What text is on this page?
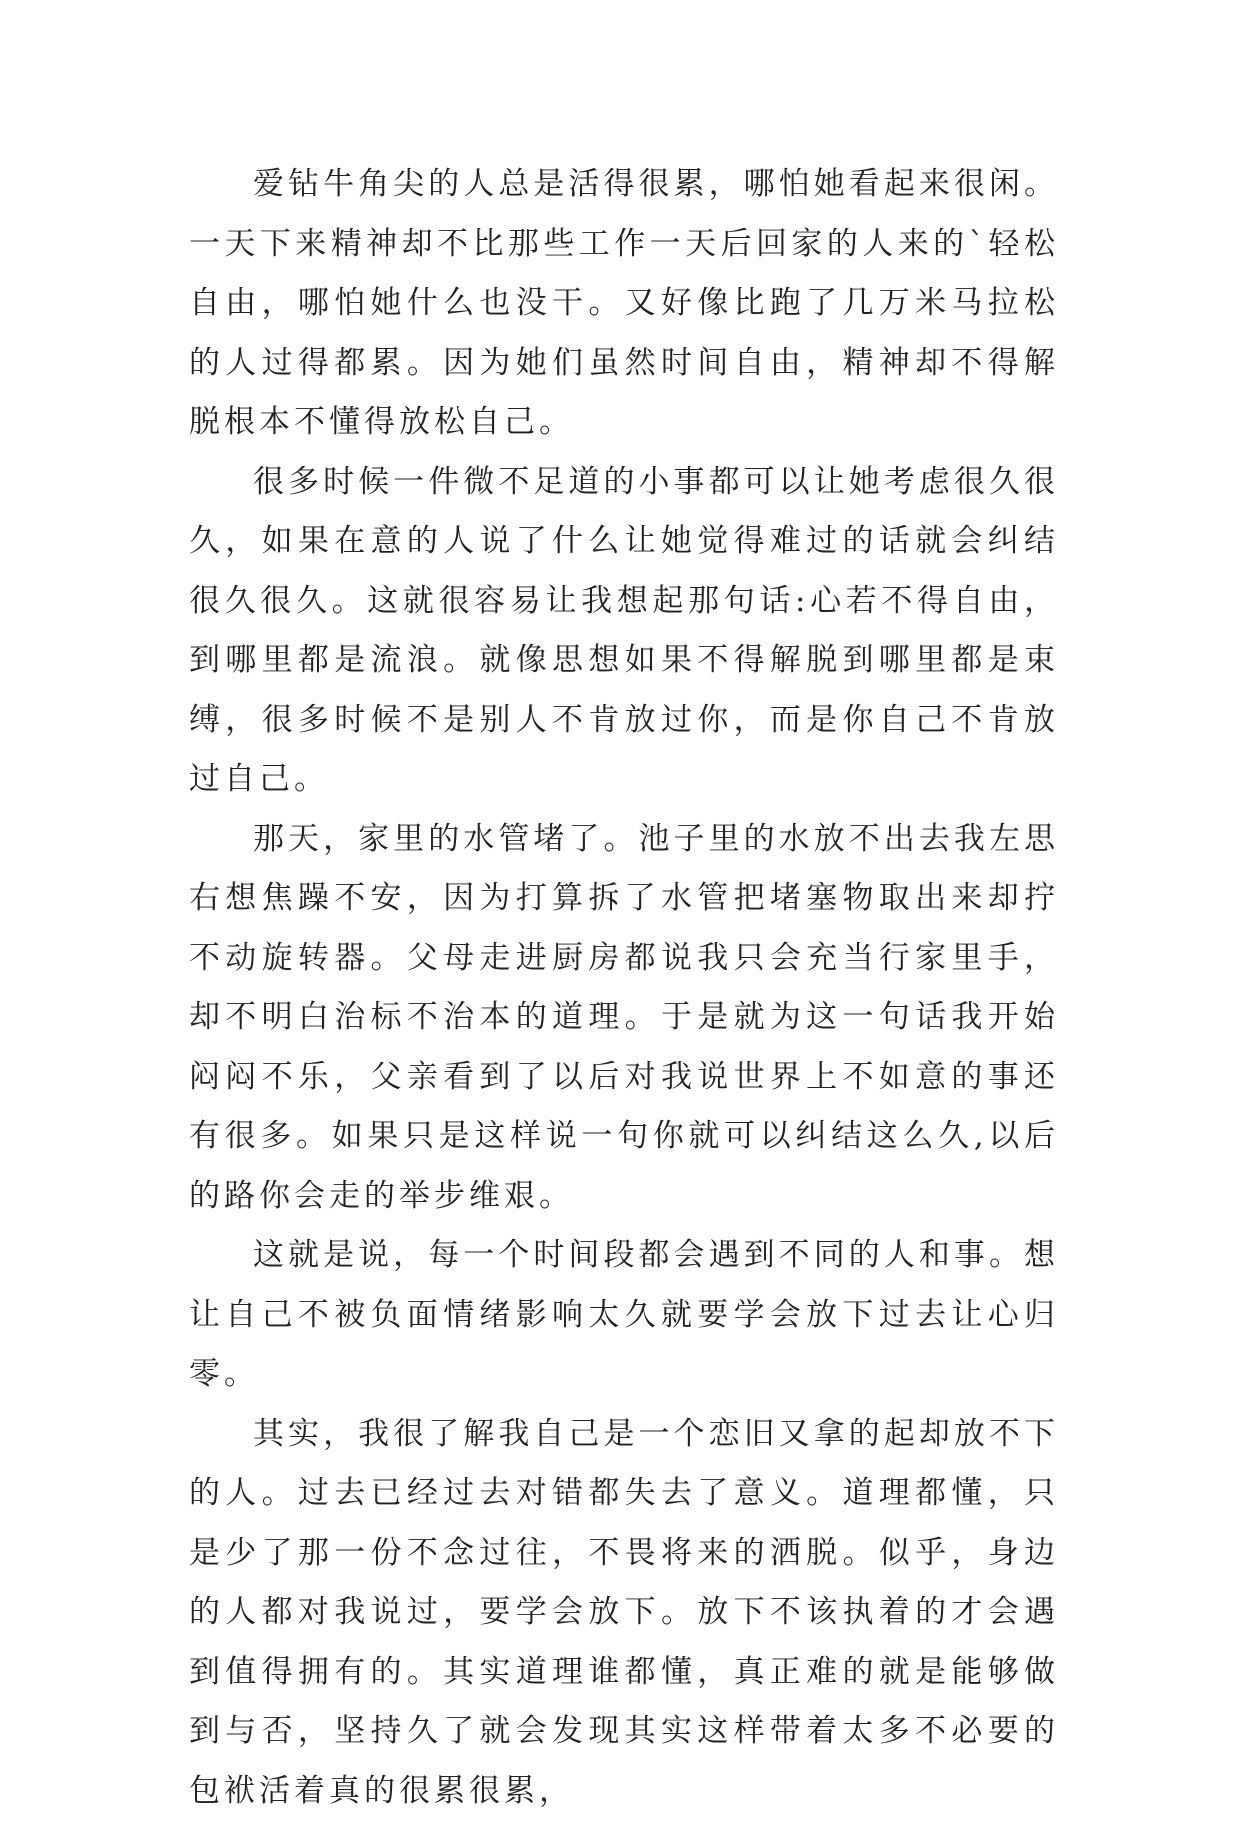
爱钻牛角尖的人总是活得很累，哪怕她看起来很闲。一天下来精神却不比那些工作一天后回家的人来的`轻松自由，哪怕她什么也没干。又好像比跑了几万米马拉松的人过得都累。因为她们虽然时间自由，精神却不得解脱根本不懂得放松自己。

很多时候一件微不足道的小事都可以让她考虑很久很久，如果在意的人说了什么让她觉得难过的话就会纠结很久很久。这就很容易让我想起那句话:心若不得自由，到哪里都是流浪。就像思想如果不得解脱到哪里都是束缚，很多时候不是别人不肯放过你，而是你自己不肯放过自己。

那天，家里的水管堵了。池子里的水放不出去我左思右想焦躁不安，因为打算拆了水管把堵塞物取出来却拧不动旋转器。父母走进厨房都说我只会充当行家里手，却不明白治标不治本的道理。于是就为这一句话我开始闷闷不乐，父亲看到了以后对我说世界上不如意的事还有很多。如果只是这样说一句你就可以纠结这么久,以后的路你会走的举步维艰。

这就是说，每一个时间段都会遇到不同的人和事。想让自己不被负面情绪影响太久就要学会放下过去让心归零。

其实，我很了解我自己是一个恋旧又拿的起却放不下的人。过去已经过去对错都失去了意义。道理都懂，只是少了那一份不念过往，不畏将来的洒脱。似乎，身边的人都对我说过，要学会放下。放下不该执着的才会遇到值得拥有的。其实道理谁都懂，真正难的就是能够做到与否，坚持久了就会发现其实这样带着太多不必要的包袱活着真的很累很累，
